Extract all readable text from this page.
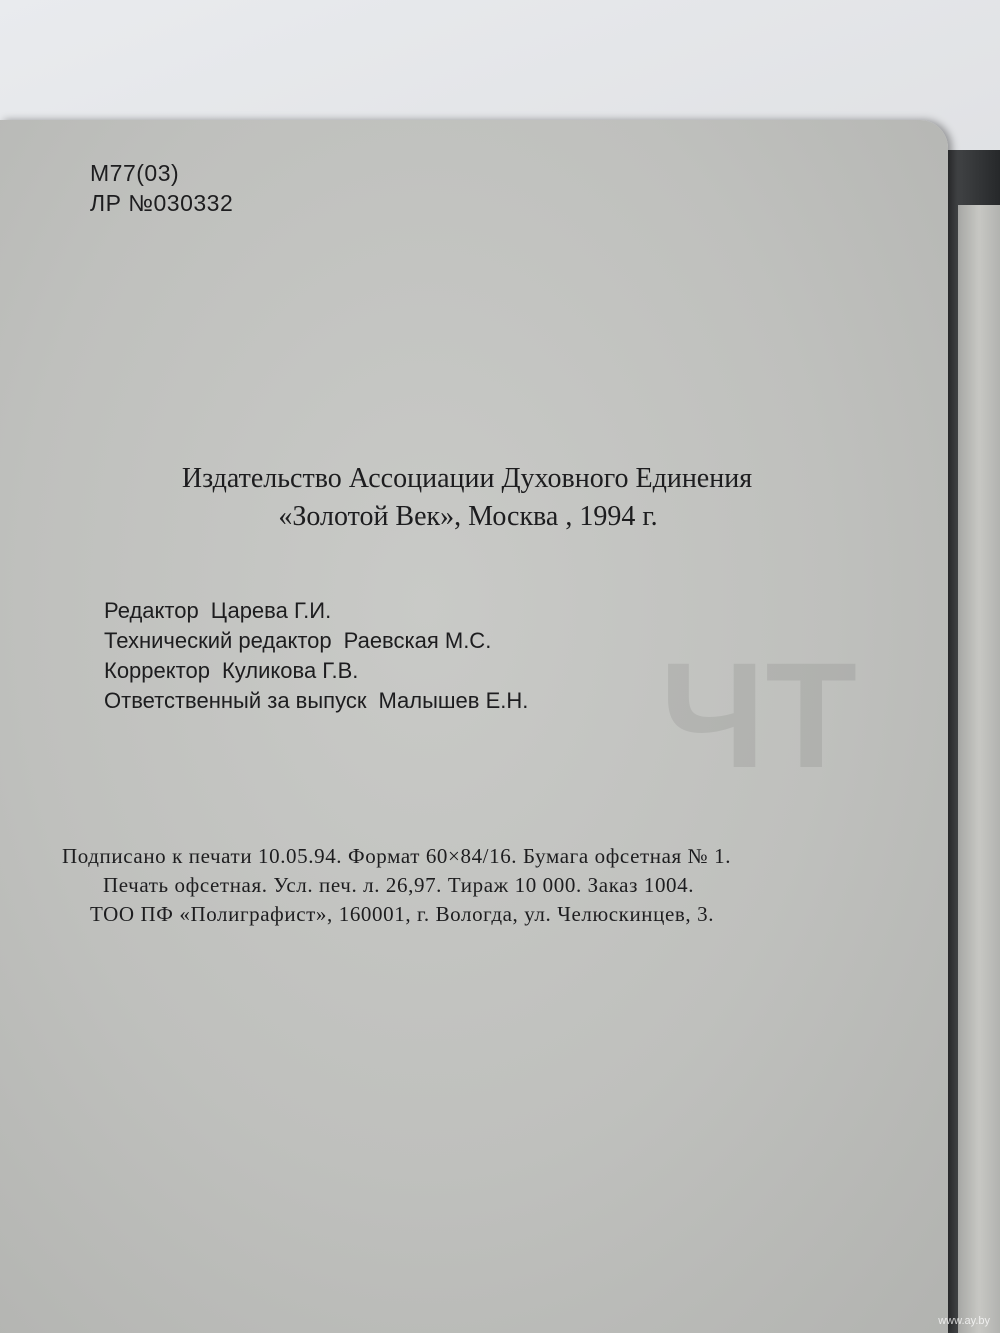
ЧТ
М77(03)
ЛР №030332
Издательство Ассоциации Духовного Единения
«Золотой Век», Москва , 1994 г.
Редактор Царева Г.И.
Технический редактор Раевская М.С.
Корректор Куликова Г.В.
Ответственный за выпуск Малышев Е.Н.
Подписано к печати 10.05.94. Формат 60×84/16. Бумага офсетная № 1.
Печать офсетная. Усл. печ. л. 26,97. Тираж 10 000. Заказ 1004.
ТОО ПФ «Полиграфист», 160001, г. Вологда, ул. Челюскинцев, 3.
www.ay.by
